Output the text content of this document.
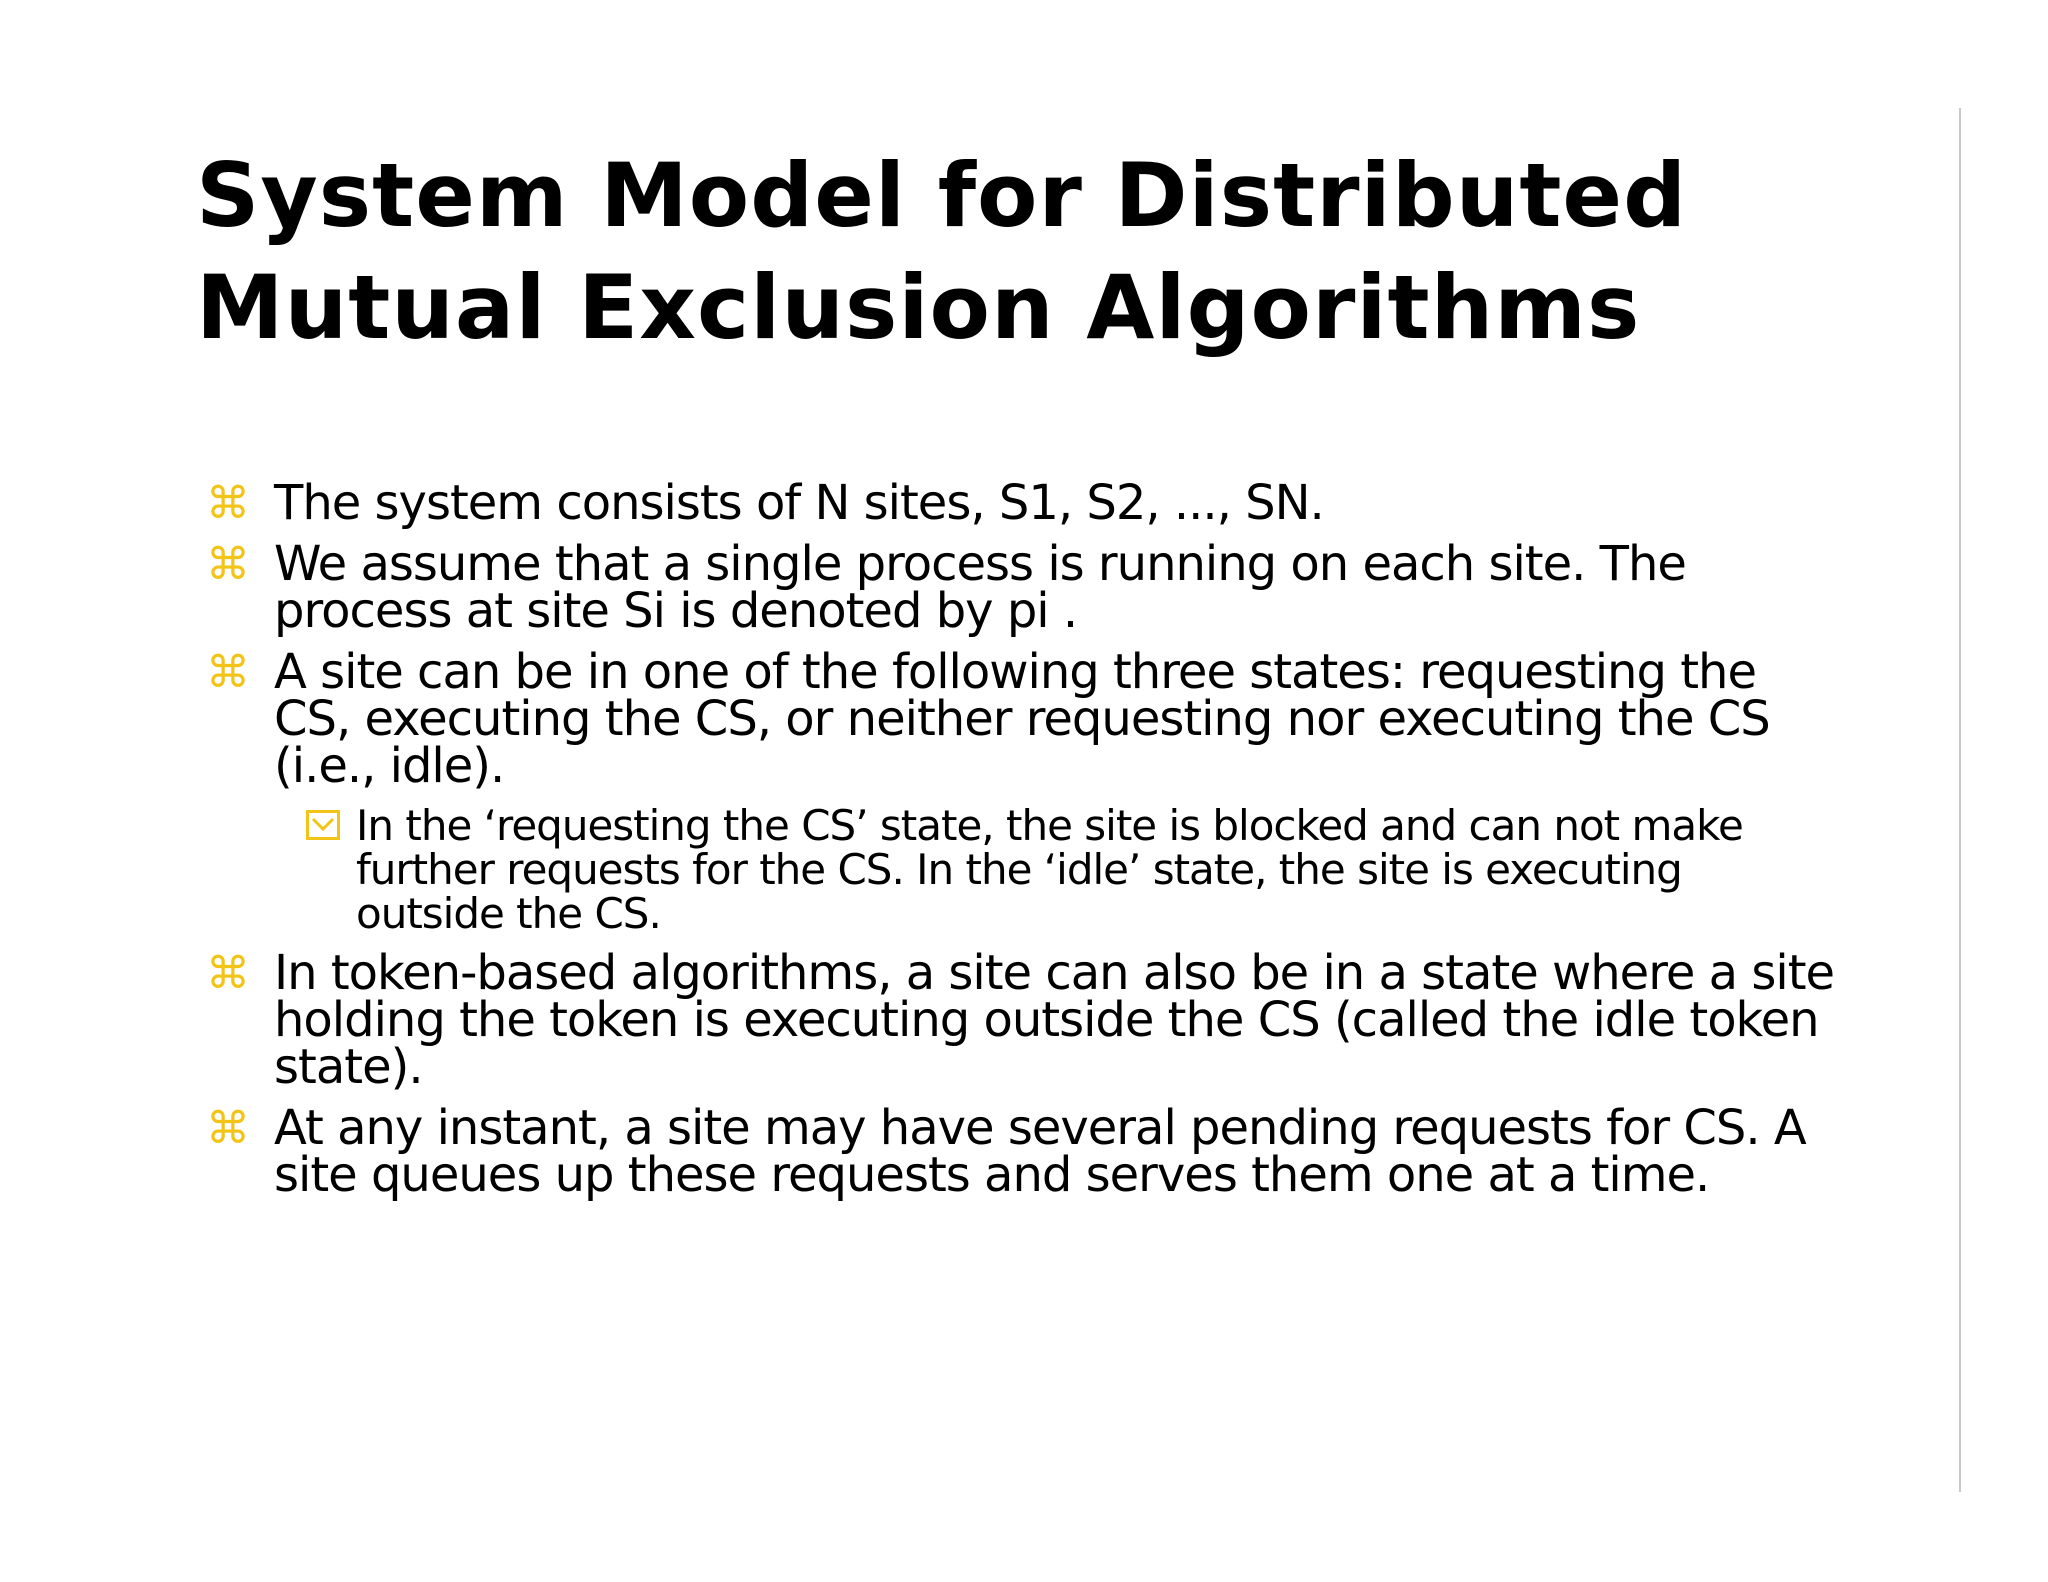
System Model for Distributed
Mutual Exclusion Algorithms
⌘ The system consists of N sites, S1, S2, ..., SN.
⌘ We assume that a single process is running on each site. The
process at site Si is denoted by pi .
⌘ A site can be in one of the following three states: requesting the
CS, executing the CS, or neither requesting nor executing the CS
(i.e., idle).
In the ‘requesting the CS’ state, the site is blocked and can not make
further requests for the CS. In the ‘idle’ state, the site is executing
outside the CS.
⌘ In token-based algorithms, a site can also be in a state where a site
holding the token is executing outside the CS (called the idle token
state).
⌘ At any instant, a site may have several pending requests for CS. A
site queues up these requests and serves them one at a time.
